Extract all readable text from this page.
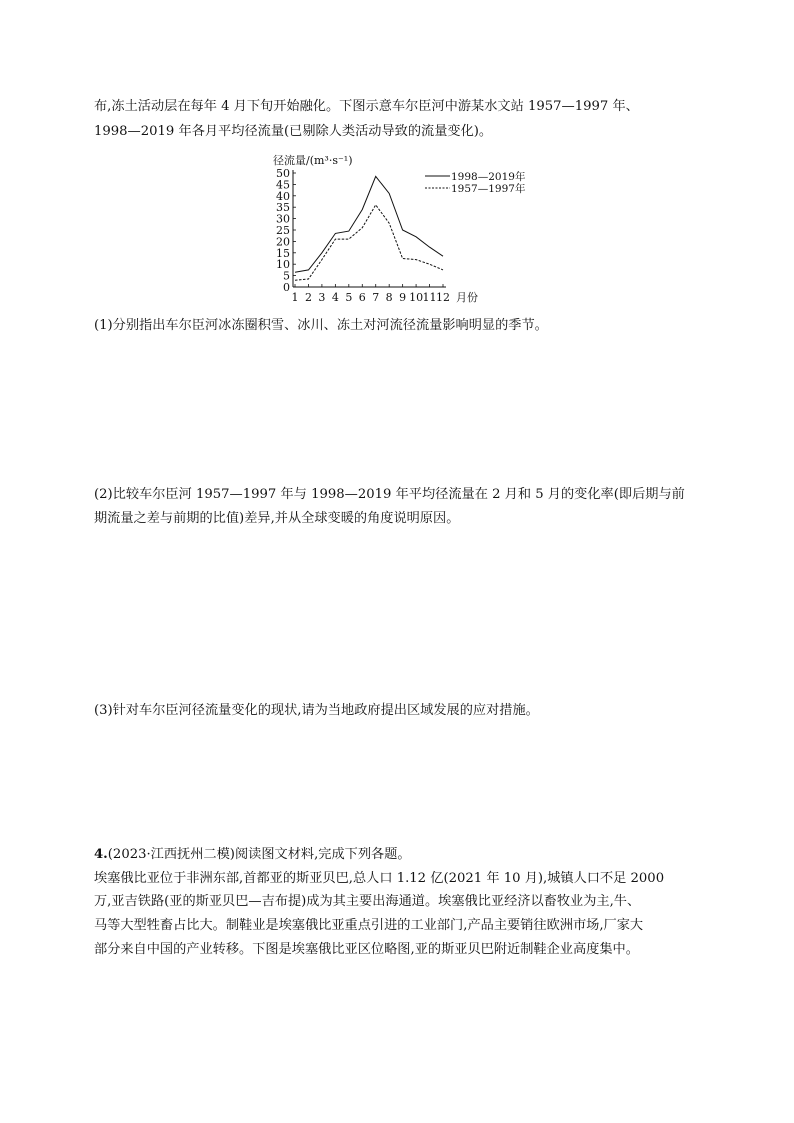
布,冻土活动层在每年 4 月下旬开始融化。下图示意车尔臣河中游某水文站 1957—1997 年、
1998—2019 年各月平均径流量(已剔除人类活动导致的流量变化)。
径流量/(m³·s⁻¹)
0
5
10
15
20
25
30
35
40
45
50
1 2 3 4 5 6 7 8 9 10 11 12 月份
1998—2019年
1957—1997年
(1)分别指出车尔臣河冰冻圈积雪、冰川、冻土对河流径流量影响明显的季节。
(2)比较车尔臣河 1957—1997 年与 1998—2019 年平均径流量在 2 月和 5 月的变化率(即后期与前
期流量之差与前期的比值)差异,并从全球变暖的角度说明原因。
(3)针对车尔臣河径流量变化的现状,请为当地政府提出区域发展的应对措施。
4.(2023·江西抚州二模)阅读图文材料,完成下列各题。
埃塞俄比亚位于非洲东部,首都亚的斯亚贝巴,总人口 1.12 亿(2021 年 10 月),城镇人口不足 2000
万,亚吉铁路(亚的斯亚贝巴—吉布提)成为其主要出海通道。埃塞俄比亚经济以畜牧业为主,牛、
马等大型牲畜占比大。制鞋业是埃塞俄比亚重点引进的工业部门,产品主要销往欧洲市场,厂家大
部分来自中国的产业转移。下图是埃塞俄比亚区位略图,亚的斯亚贝巴附近制鞋企业高度集中。
